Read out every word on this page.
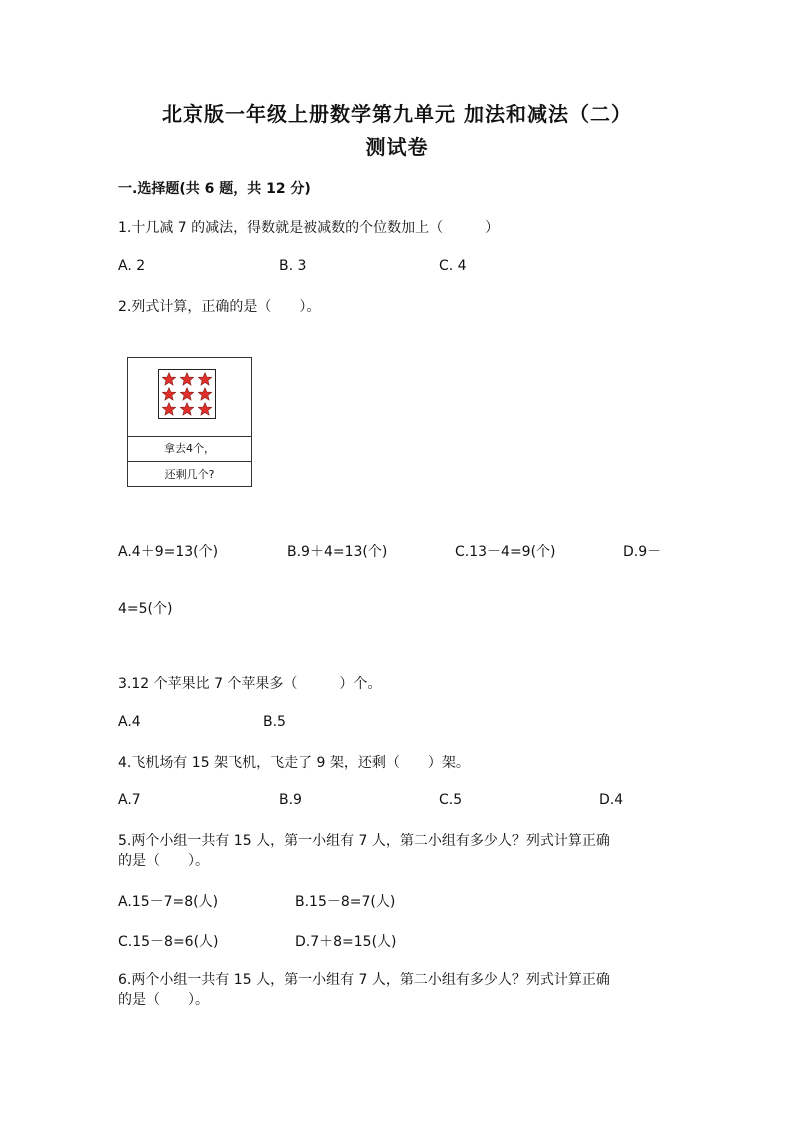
北京版一年级上册数学第九单元 加法和减法（二）
测试卷
一.选择题(共 6 题，共 12 分)
1.十几减 7 的减法，得数就是被减数的个位数加上（　　　）
A. 2	B. 3	C. 4
2.列式计算，正确的是（　　）。
拿去4个，
还剩几个?
A.4＋9=13(个)	B.9＋4=13(个)	C.13－4=9(个)	D.9－
4=5(个)
3.12 个苹果比 7 个苹果多（　　　）个。
A.4	B.5
4.飞机场有 15 架飞机，飞走了 9 架，还剩（　　）架。
A.7	B.9	C.5	D.4
5.两个小组一共有 15 人，第一小组有 7 人，第二小组有多少人？列式计算正确
的是（　　）。
A.15－7=8(人)	B.15－8=7(人)
C.15－8=6(人)	D.7＋8=15(人)
6.两个小组一共有 15 人，第一小组有 7 人，第二小组有多少人？列式计算正确
的是（　　）。
